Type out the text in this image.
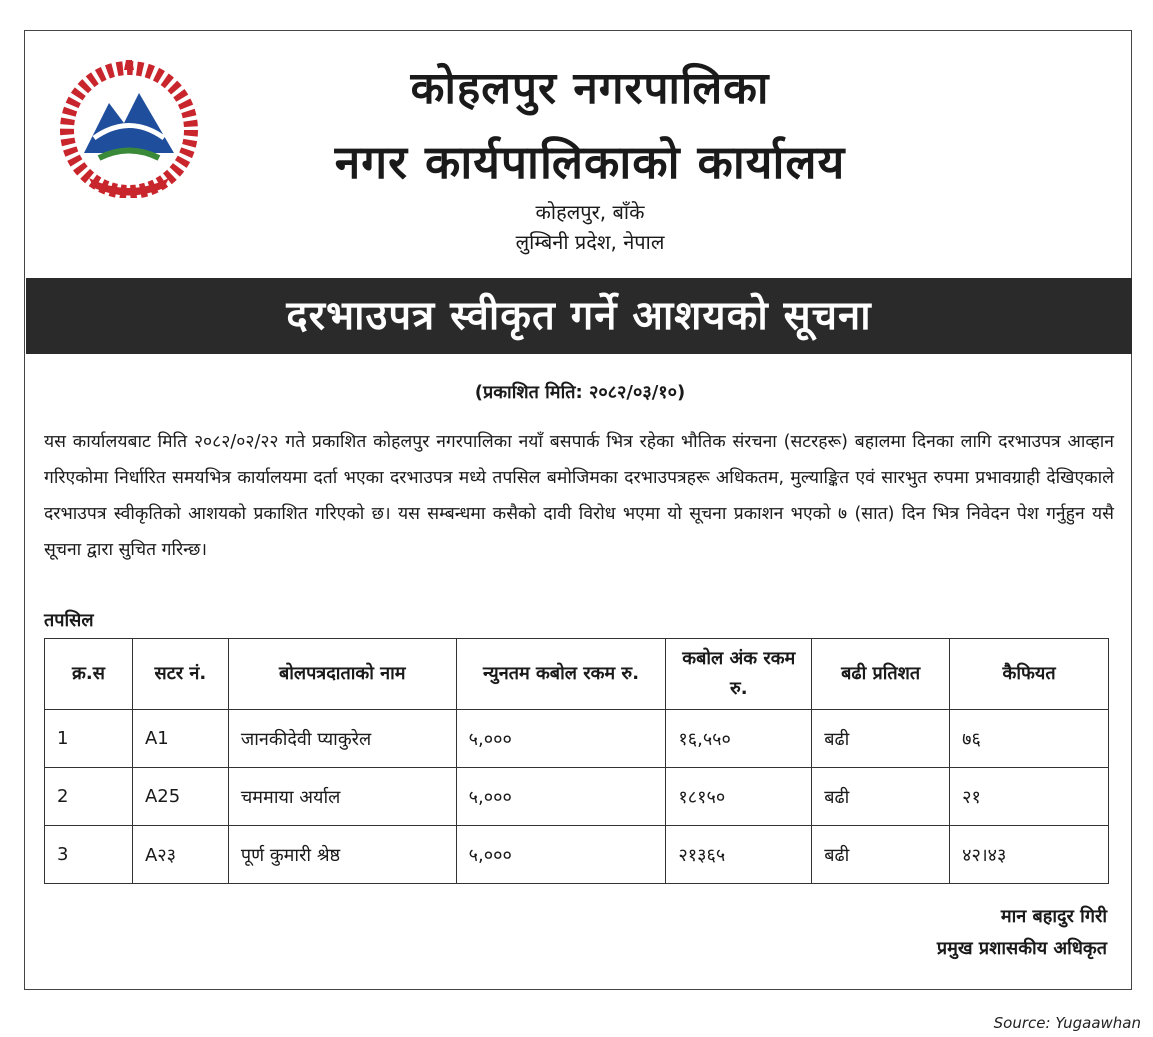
कोहलपुर नगरपालिका
नगर कार्यपालिकाको कार्यालय
कोहलपुर, बाँके
लुम्बिनी प्रदेश, नेपाल
दरभाउपत्र स्वीकृत गर्ने आशयको सूचना
(प्रकाशित मिति: २०८२/०३/१०)
यस कार्यालयबाट मिति २०८२/०२/२२ गते प्रकाशित कोहलपुर नगरपालिका नयाँ बसपार्क भित्र रहेका भौतिक संरचना (सटरहरू) बहालमा दिनका लागि दरभाउपत्र आव्हान गरिएकोमा निर्धारित समयभित्र कार्यालयमा दर्ता भएका दरभाउपत्र मध्ये तपसिल बमोजिमका दरभाउपत्रहरू अधिकतम, मुल्याङ्कित एवं सारभुत रुपमा प्रभावग्राही देखिएकाले दरभाउपत्र स्वीकृतिको आशयको प्रकाशित गरिएको छ। यस सम्बन्धमा कसैको दावी विरोध भएमा यो सूचना प्रकाशन भएको ७ (सात) दिन भित्र निवेदन पेश गर्नुहुन यसै सूचना द्वारा सुचित गरिन्छ।
तपसिल
क्र.स	सटर नं.	बोलपत्रदाताको नाम	न्युनतम कबोल रकम रु.	कबोल अंक रकम रु.	बढी प्रतिशत	कैफियत
1	A1	जानकीदेवी प्याकुरेल	५,०००	१६,५५०	बढी	७६
2	A25	चममाया अर्याल	५,०००	१८१५०	बढी	२१
3	A२३	पूर्ण कुमारी श्रेष्ठ	५,०००	२१३६५	बढी	४२।४३
मान बहादुर गिरी
प्रमुख प्रशासकीय अधिकृत
Source: Yugaawhan
